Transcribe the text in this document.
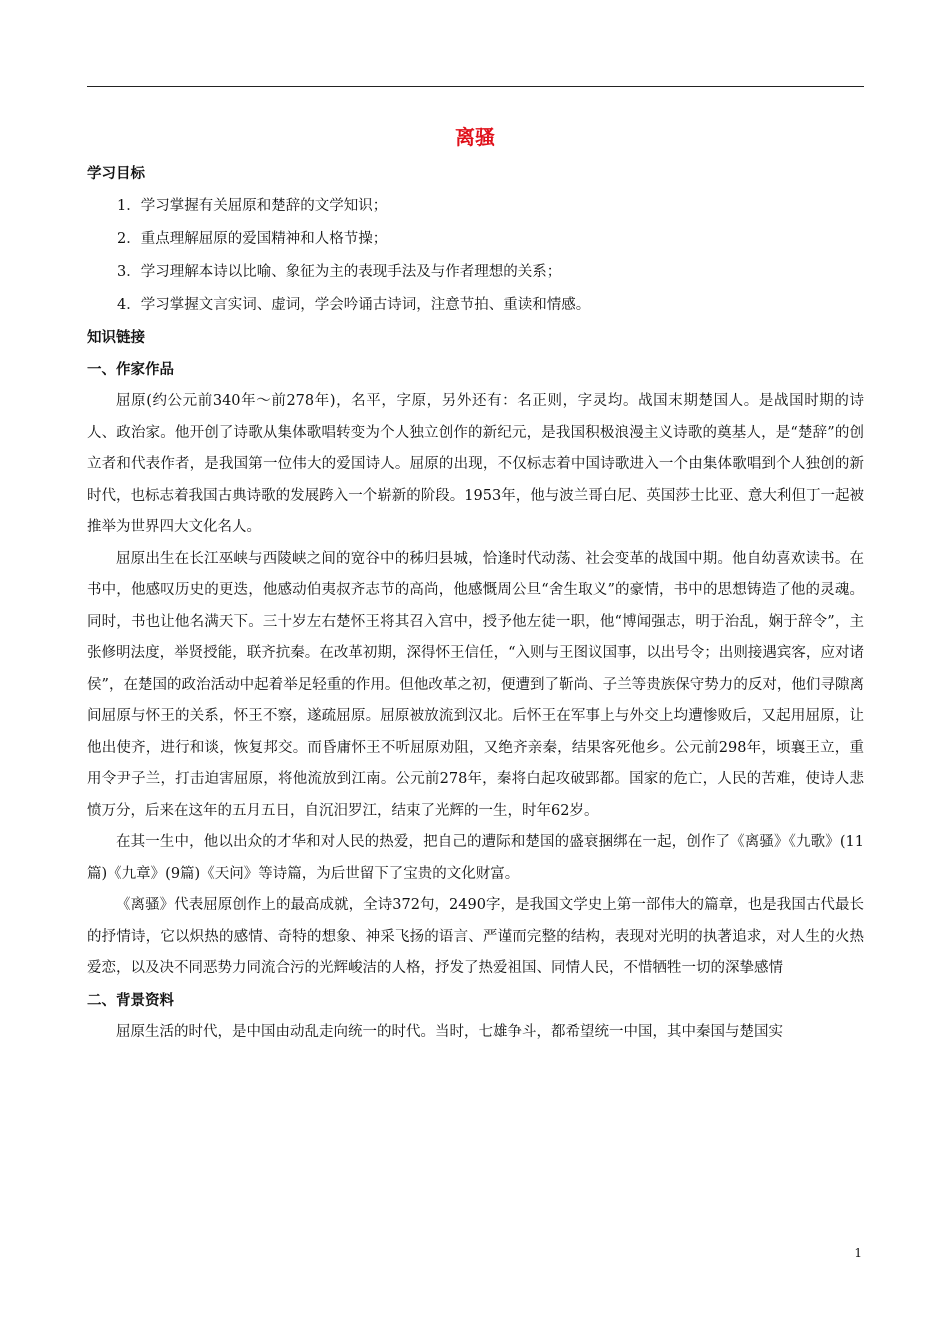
离骚
学习目标
1．学习掌握有关屈原和楚辞的文学知识；
2．重点理解屈原的爱国精神和人格节操；
3．学习理解本诗以比喻、象征为主的表现手法及与作者理想的关系；
4．学习掌握文言实词、虚词，学会吟诵古诗词，注意节拍、重读和情感。
知识链接
一、作家作品

屈原(约公元前340年～前278年)，名平，字原，另外还有：名正则，字灵均。战国末期楚国人。是战国时期的诗人、政治家。他开创了诗歌从集体歌唱转变为个人独立创作的新纪元，是我国积极浪漫主义诗歌的奠基人，是“楚辞”的创立者和代表作者，是我国第一位伟大的爱国诗人。屈原的出现，不仅标志着中国诗歌进入一个由集体歌唱到个人独创的新时代，也标志着我国古典诗歌的发展跨入一个崭新的阶段。1953年，他与波兰哥白尼、英国莎士比亚、意大利但丁一起被推举为世界四大文化名人。

屈原出生在长江巫峡与西陵峡之间的宽谷中的秭归县城，恰逢时代动荡、社会变革的战国中期。他自幼喜欢读书。在书中，他感叹历史的更迭，他感动伯夷叔齐志节的高尚，他感慨周公旦“舍生取义”的豪情，书中的思想铸造了他的灵魂。同时，书也让他名满天下。三十岁左右楚怀王将其召入宫中，授予他左徒一职，他“博闻强志，明于治乱，娴于辞令”，主张修明法度，举贤授能，联齐抗秦。在改革初期，深得怀王信任，“入则与王图议国事，以出号令；出则接遇宾客，应对诸侯”，在楚国的政治活动中起着举足轻重的作用。但他改革之初，便遭到了靳尚、子兰等贵族保守势力的反对，他们寻隙离间屈原与怀王的关系，怀王不察，遂疏屈原。屈原被放流到汉北。后怀王在军事上与外交上均遭惨败后，又起用屈原，让他出使齐，进行和谈，恢复邦交。而昏庸怀王不听屈原劝阻，又绝齐亲秦，结果客死他乡。公元前298年，顷襄王立，重用令尹子兰，打击迫害屈原，将他流放到江南。公元前278年，秦将白起攻破郢都。国家的危亡，人民的苦难，使诗人悲愤万分，后来在这年的五月五日，自沉汨罗江，结束了光辉的一生，时年62岁。

在其一生中，他以出众的才华和对人民的热爱，把自己的遭际和楚国的盛衰捆绑在一起，创作了《离骚》《九歌》(11篇)《九章》(9篇)《天问》等诗篇，为后世留下了宝贵的文化财富。

《离骚》代表屈原创作上的最高成就，全诗372句，2490字，是我国文学史上第一部伟大的篇章，也是我国古代最长的抒情诗，它以炽热的感情、奇特的想象、神采飞扬的语言、严谨而完整的结构，表现对光明的执著追求，对人生的火热爱恋，以及决不同恶势力同流合污的光辉峻洁的人格，抒发了热爱祖国、同情人民，不惜牺牲一切的深挚感情

二、背景资料

屈原生活的时代，是中国由动乱走向统一的时代。当时，七雄争斗，都希望统一中国，其中秦国与楚国实

1
